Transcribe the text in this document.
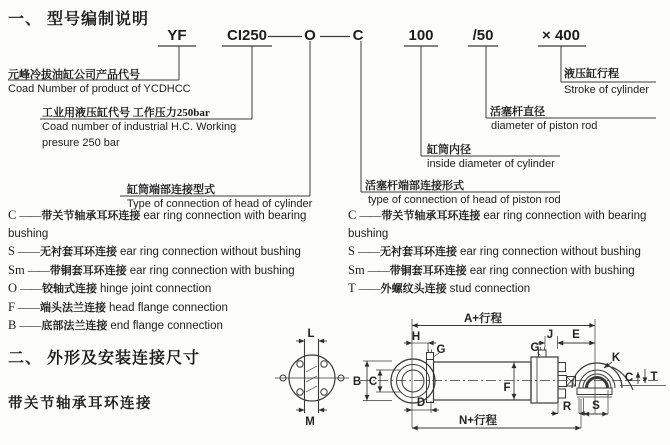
L
M
A+行程
H
G	G
J E
B C	F
D
N+行程
R S
K
C T
一、 型号编制说明
YF	CI250	O	C	100	/50	× 400
元峰冷拔油缸公司产品代号
Coad Number of product of YCDHCC
工业用液压缸代号 工作压力250bar
Coad number of industrial H.C. Working
presure 250 bar
缸筒端部连接型式
Type of connection of head of cylinder
活塞杆端部连接形式
type of connection of head of piston rod
缸筒内径
inside diameter of cylinder
活塞杆直径
diameter of piston rod
液压缸行程
Stroke of cylinder
C ——带关节轴承耳环连接 ear ring connection with bearing bushing
S ——无衬套耳环连接 ear ring connection without bushing
Sm ——带铜套耳环连接 ear ring connection with bushing
O ——铰轴式连接 hinge joint connection
F ——端头法兰连接 head flange connection
B ——底部法兰连接 end flange connection
C ——带关节轴承耳环连接 ear ring connection with bearing bushing
S ——无衬套耳环连接 ear ring connection without bushing
Sm ——带铜套耳环连接 ear ring connection with bushing
T ——外螺纹头连接 stud connection
二、 外形及安装连接尺寸
带关节轴承耳环连接
